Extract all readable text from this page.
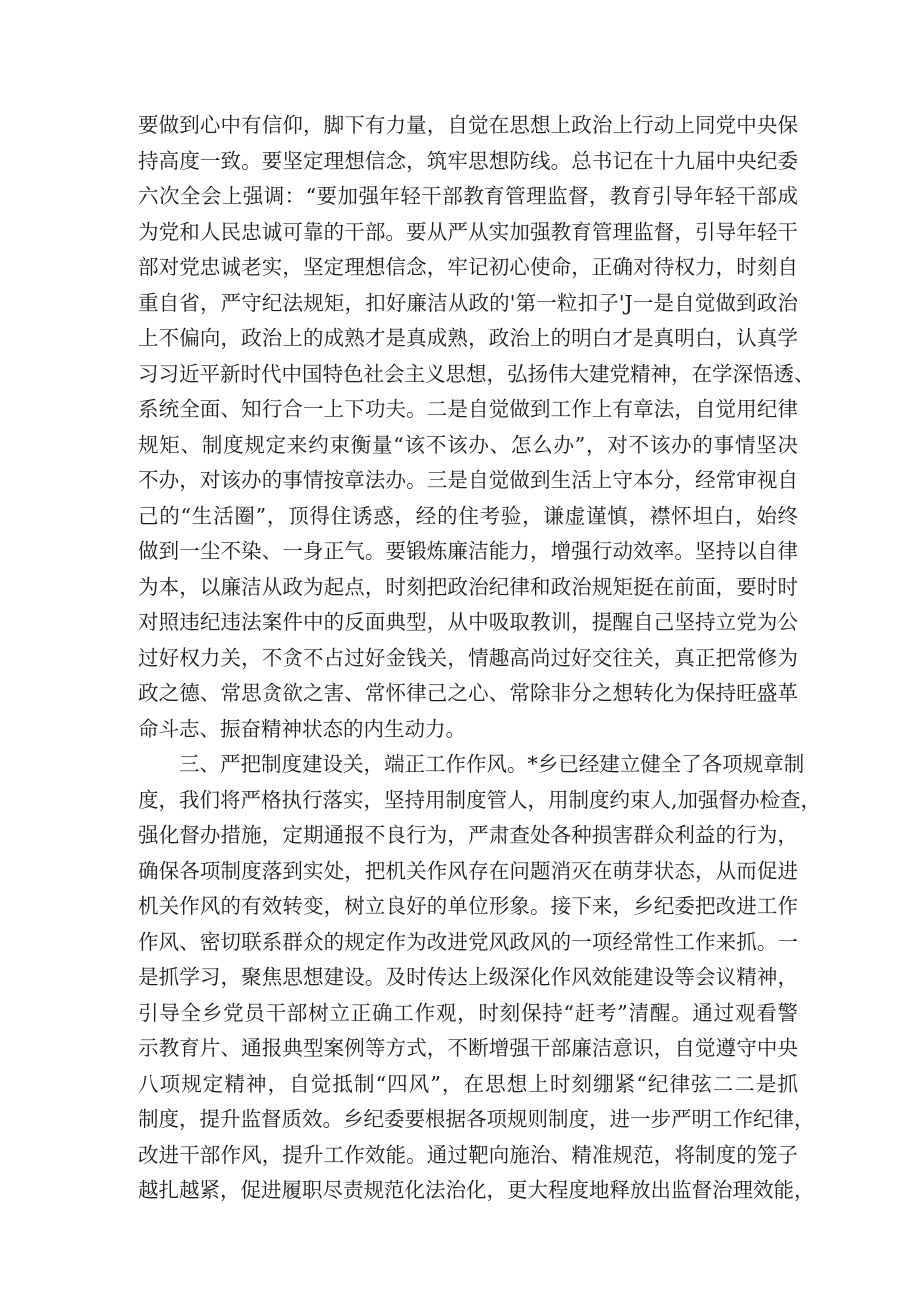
要做到心中有信仰，脚下有力量，自觉在思想上政治上行动上同党中央保
持高度一致。要坚定理想信念，筑牢思想防线。总书记在十九届中央纪委
六次全会上强调：“要加强年轻干部教育管理监督，教育引导年轻干部成
为党和人民忠诚可靠的干部。要从严从实加强教育管理监督，引导年轻干
部对党忠诚老实，坚定理想信念，牢记初心使命，正确对待权力，时刻自
重自省，严守纪法规矩，扣好廉洁从政的'第一粒扣子'J一是自觉做到政治
上不偏向，政治上的成熟才是真成熟，政治上的明白才是真明白，认真学
习习近平新时代中国特色社会主义思想，弘扬伟大建党精神，在学深悟透、
系统全面、知行合一上下功夫。二是自觉做到工作上有章法，自觉用纪律
规矩、制度规定来约束衡量“该不该办、怎么办”，对不该办的事情坚决
不办，对该办的事情按章法办。三是自觉做到生活上守本分，经常审视自
己的“生活圈”，顶得住诱惑，经的住考验，谦虚谨慎，襟怀坦白，始终
做到一尘不染、一身正气。要锻炼廉洁能力，增强行动效率。坚持以自律
为本，以廉洁从政为起点，时刻把政治纪律和政治规矩挺在前面，要时时
对照违纪违法案件中的反面典型，从中吸取教训，提醒自己坚持立党为公
过好权力关，不贪不占过好金钱关，情趣高尚过好交往关，真正把常修为
政之德、常思贪欲之害、常怀律己之心、常除非分之想转化为保持旺盛革
命斗志、振奋精神状态的内生动力。
三、严把制度建设关，端正工作作风。*乡已经建立健全了各项规章制
度，我们将严格执行落实，坚持用制度管人，用制度约束人,加强督办检查，
强化督办措施，定期通报不良行为，严肃查处各种损害群众利益的行为，
确保各项制度落到实处，把机关作风存在问题消灭在萌芽状态，从而促进
机关作风的有效转变，树立良好的单位形象。接下来，乡纪委把改进工作
作风、密切联系群众的规定作为改进党风政风的一项经常性工作来抓。一
是抓学习，聚焦思想建设。及时传达上级深化作风效能建设等会议精神，
引导全乡党员干部树立正确工作观，时刻保持“赶考”清醒。通过观看警
示教育片、通报典型案例等方式，不断增强干部廉洁意识，自觉遵守中央
八项规定精神，自觉抵制“四风”，在思想上时刻绷紧“纪律弦二二是抓
制度，提升监督质效。乡纪委要根据各项规则制度，进一步严明工作纪律，
改进干部作风，提升工作效能。通过靶向施治、精准规范，将制度的笼子
越扎越紧，促进履职尽责规范化法治化，更大程度地释放出监督治理效能，
